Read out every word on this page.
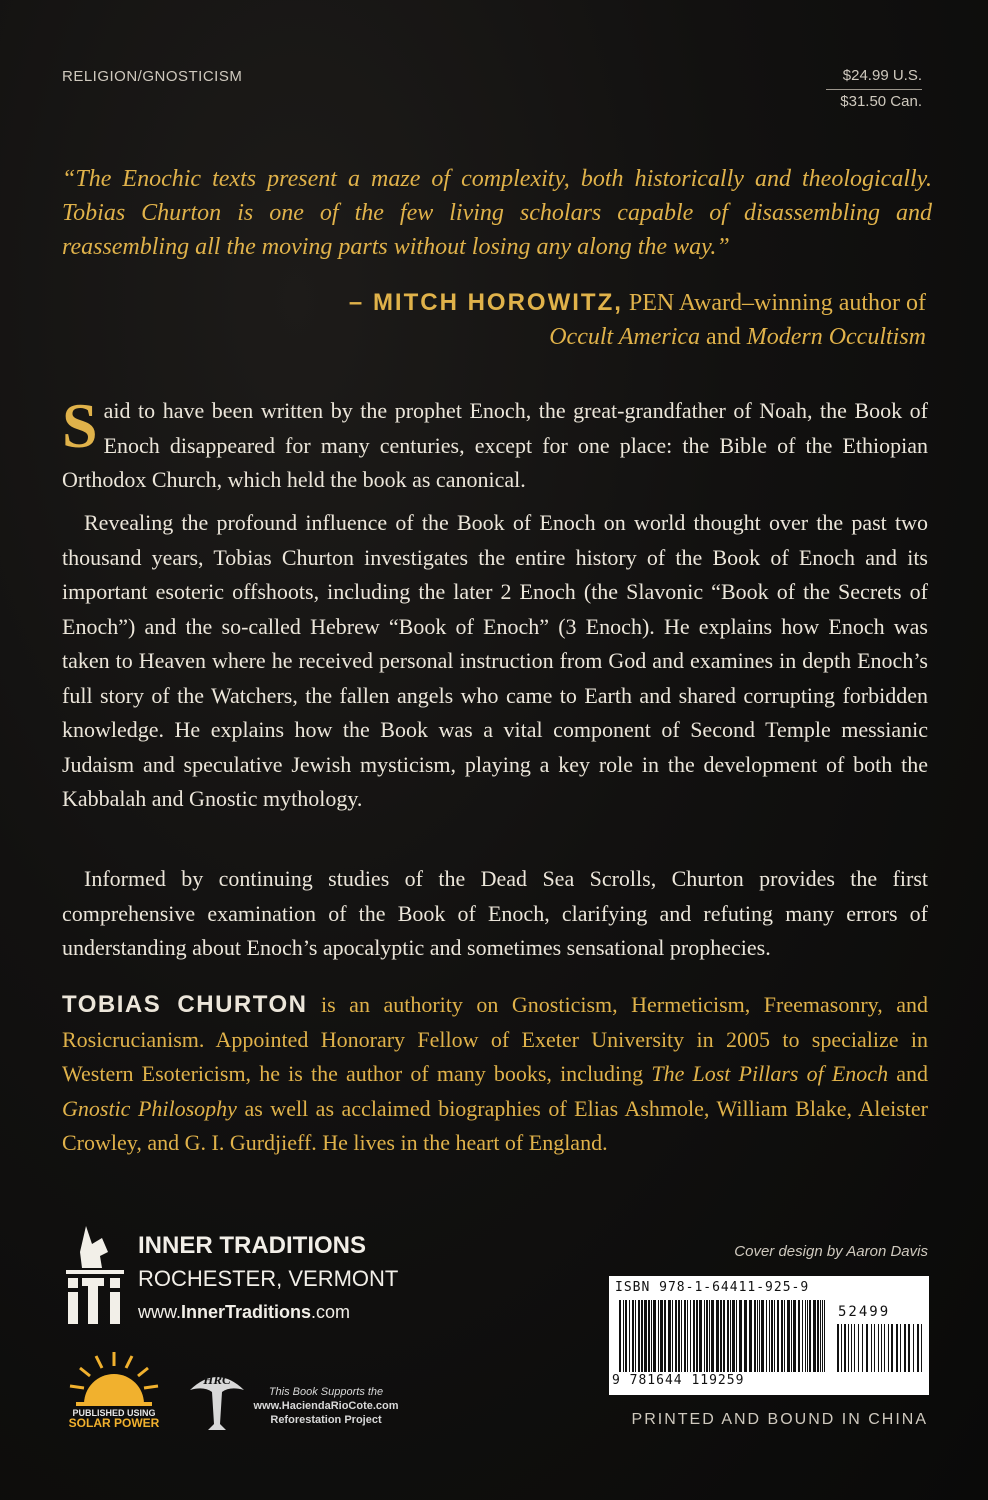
RELIGION/GNOSTICISM	$24.99 U.S.
$31.50 Can.
“The Enochic texts present a maze of complexity, both historically and theologically. Tobias Churton is one of the few living scholars capable of disassembling and reassembling all the moving parts without losing any along the way.”
– MITCH HOROWITZ, PEN Award–winning author of
Occult America and Modern Occultism
Said to have been written by the prophet Enoch, the great-grandfather of Noah, the Book of Enoch disappeared for many centuries, except for one place: the Bible of the Ethiopian Orthodox Church, which held the book as canonical.
Revealing the profound influence of the Book of Enoch on world thought over the past two thousand years, Tobias Churton investigates the entire history of the Book of Enoch and its important esoteric offshoots, including the later 2 Enoch (the Slavonic “Book of the Secrets of Enoch”) and the so-called Hebrew “Book of Enoch” (3 Enoch). He explains how Enoch was taken to Heaven where he received personal instruction from God and examines in depth Enoch’s full story of the Watchers, the fallen angels who came to Earth and shared corrupting forbidden knowledge. He explains how the Book was a vital component of Second Temple messianic Judaism and speculative Jewish mysticism, playing a key role in the development of both the Kabbalah and Gnostic mythology.
Informed by continuing studies of the Dead Sea Scrolls, Churton provides the first comprehensive examination of the Book of Enoch, clarifying and refuting many errors of understanding about Enoch’s apocalyptic and sometimes sensational prophecies.
TOBIAS CHURTON is an authority on Gnosticism, Hermeticism, Freemasonry, and Rosicrucianism. Appointed Honorary Fellow of Exeter University in 2005 to specialize in Western Esotericism, he is the author of many books, including The Lost Pillars of Enoch and Gnostic Philosophy as well as acclaimed biographies of Elias Ashmole, William Blake, Aleister Crowley, and G. I. Gurdjieff. He lives in the heart of England.
INNER TRADITIONS
ROCHESTER, VERMONT
www.InnerTraditions.com
PUBLISHED USING
SOLAR POWER
HRC
This Book Supports the
www.HaciendaRioCote.com
Reforestation Project
Cover design by Aaron Davis
ISBN 978-1-64411-925-9
52499
9 781644 119259
PRINTED AND BOUND IN CHINA
